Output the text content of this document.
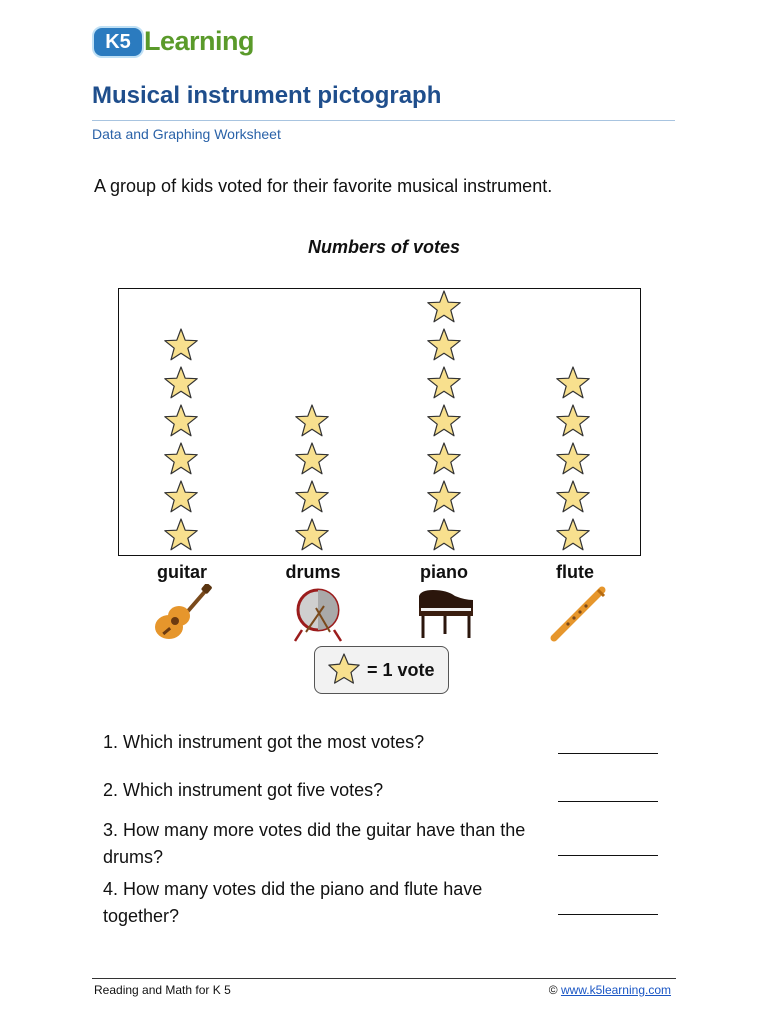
K5 Learning
Musical instrument pictograph
Data and Graphing Worksheet
A group of kids voted for their favorite musical instrument.
Numbers of votes
guitar	drums	piano	flute
= 1 vote
1. Which instrument got the most votes?
2. Which instrument got five votes?
3. How many more votes did the guitar have than the drums?
4. How many votes did the piano and flute have together?
Reading and Math for K 5	© www.k5learning.com
